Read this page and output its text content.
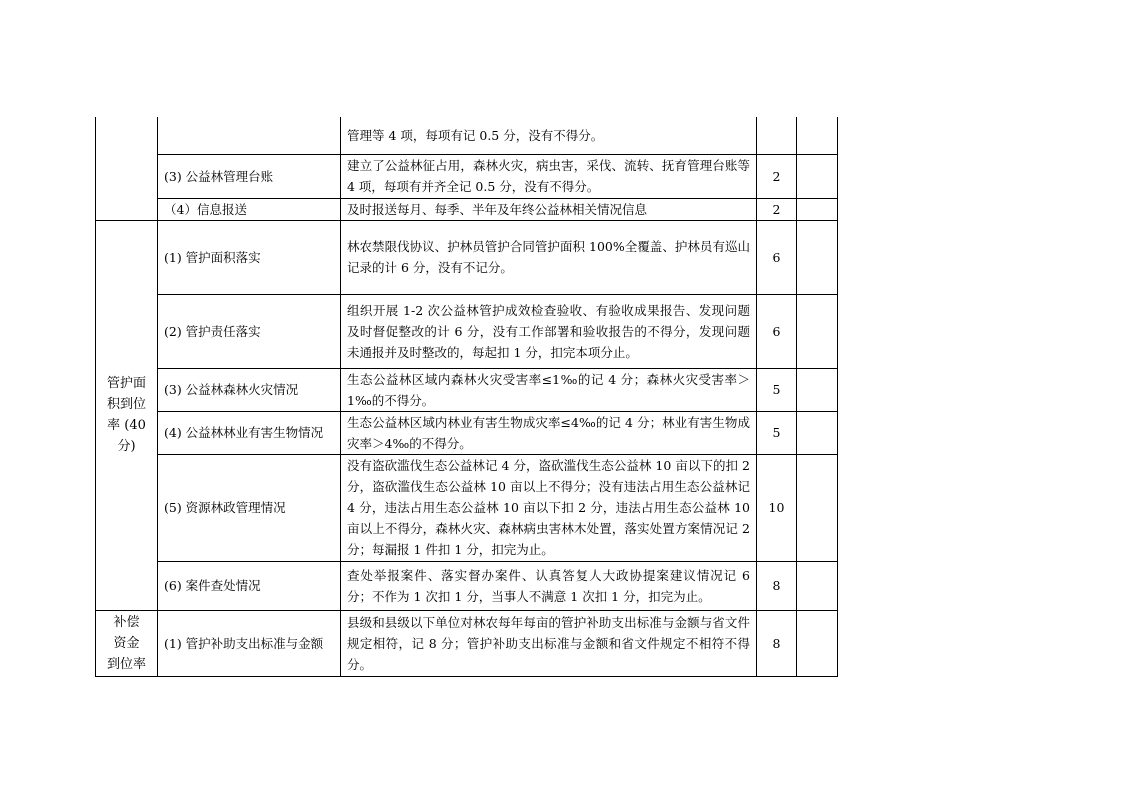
		管理等 4 项，每项有记 0.5 分，没有不得分。		
	(3) 公益林管理台账	建立了公益林征占用，森林火灾，病虫害，采伐、流转、抚育管理台账等 4 项，每项有并齐全记 0.5 分，没有不得分。	2	
	（4）信息报送	及时报送每月、每季、半年及年终公益林相关情况信息	2	

管护面
积到位
率 (40
分)	(1) 管护面积落实	林农禁限伐协议、护林员管护合同管护面积 100%全覆盖、护林员有巡山记录的计 6 分，没有不记分。	6	
	(2) 管护责任落实	组织开展 1-2 次公益林管护成效检查验收、有验收成果报告、发现问题及时督促整改的计 6 分，没有工作部署和验收报告的不得分，发现问题未通报并及时整改的，每起扣 1 分，扣完本项分止。	6	
	(3) 公益林森林火灾情况	生态公益林区域内森林火灾受害率≤1‰的记 4 分；森林火灾受害率＞1‰的不得分。	5	
	(4) 公益林林业有害生物情况	生态公益林区域内林业有害生物成灾率≤4‰的记 4 分；林业有害生物成灾率＞4‰的不得分。	5	
	(5) 资源林政管理情况	没有盗砍滥伐生态公益林记 4 分，盗砍滥伐生态公益林 10 亩以下的扣 2 分，盗砍滥伐生态公益林 10 亩以上不得分；没有违法占用生态公益林记 4 分，违法占用生态公益林 10 亩以下扣 2 分，违法占用生态公益林 10 亩以上不得分，森林火灾、森林病虫害林木处置，落实处置方案情况记 2 分；每漏报 1 件扣 1 分，扣完为止。	10	
	(6) 案件查处情况	查处举报案件、落实督办案件、认真答复人大政协提案建议情况记 6 分；不作为 1 次扣 1 分，当事人不满意 1 次扣 1 分，扣完为止。	8	

补偿
资金
到位率	(1) 管护补助支出标准与金额	县级和县级以下单位对林农每年每亩的管护补助支出标准与金额与省文件规定相符，记 8 分；管护补助支出标准与金额和省文件规定不相符不得分。	8	
